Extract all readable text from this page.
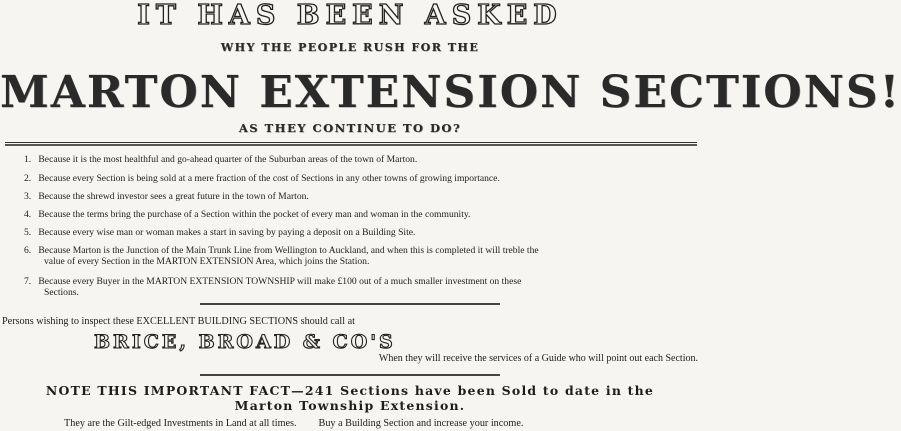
IT HAS BEEN ASKED
WHY THE PEOPLE RUSH FOR THE
MARTON EXTENSION SECTIONS!
AS THEY CONTINUE TO DO?
1. Because it is the most healthful and go-ahead quarter of the Suburban areas of the town of Marton.
2. Because every Section is being sold at a mere fraction of the cost of Sections in any other towns of growing importance.
3. Because the shrewd investor sees a great future in the town of Marton.
4. Because the terms bring the purchase of a Section within the pocket of every man and woman in the community.
5. Because every wise man or woman makes a start in saving by paying a deposit on a Building Site.
6. Because Marton is the Junction of the Main Trunk Line from Wellington to Auckland, and when this is completed it will treble the
value of every Section in the MARTON EXTENSION Area, which joins the Station.
7. Because every Buyer in the MARTON EXTENSION TOWNSHIP will make £100 out of a much smaller investment on these
Sections.
Persons wishing to inspect these EXCELLENT BUILDING SECTIONS should call at
BRICE, BROAD & CO'S
When they will receive the services of a Guide who will point out each Section.
NOTE THIS IMPORTANT FACT—241 Sections have been Sold to date in the
Marton Township Extension.
They are the Gilt-edged Investments in Land at all times. Buy a Building Section and increase your income.
